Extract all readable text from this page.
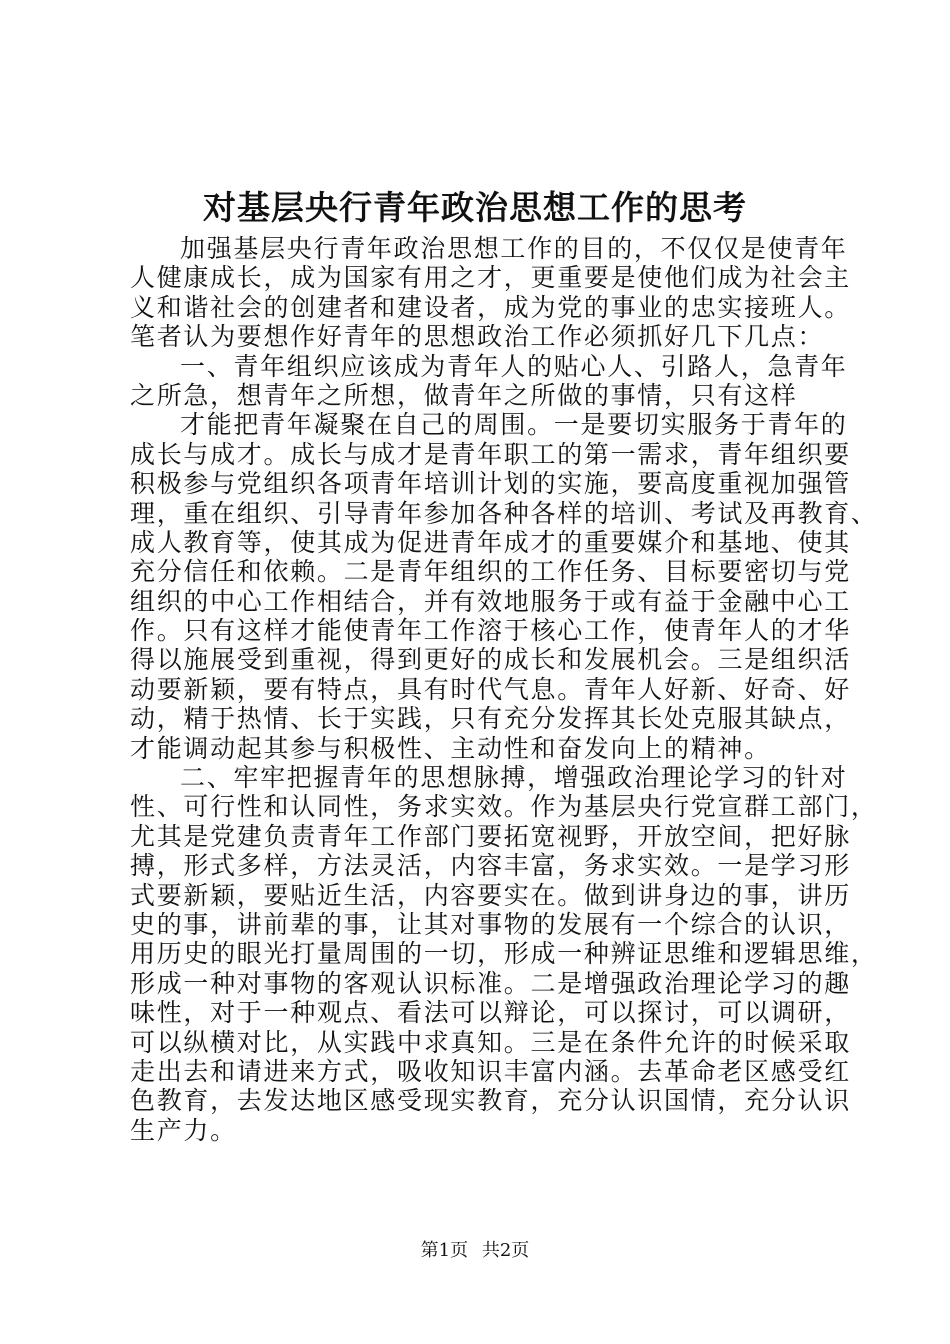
对基层央行青年政治思想工作的思考
加强基层央行青年政治思想工作的目的，不仅仅是使青年
人健康成长，成为国家有用之才，更重要是使他们成为社会主
义和谐社会的创建者和建设者，成为党的事业的忠实接班人。
笔者认为要想作好青年的思想政治工作必须抓好几下几点：
一、青年组织应该成为青年人的贴心人、引路人，急青年
之所急，想青年之所想，做青年之所做的事情，只有这样
才能把青年凝聚在自己的周围。一是要切实服务于青年的
成长与成才。成长与成才是青年职工的第一需求，青年组织要
积极参与党组织各项青年培训计划的实施，要高度重视加强管
理，重在组织、引导青年参加各种各样的培训、考试及再教育、
成人教育等，使其成为促进青年成才的重要媒介和基地、使其
充分信任和依赖。二是青年组织的工作任务、目标要密切与党
组织的中心工作相结合，并有效地服务于或有益于金融中心工
作。只有这样才能使青年工作溶于核心工作，使青年人的才华
得以施展受到重视，得到更好的成长和发展机会。三是组织活
动要新颖，要有特点，具有时代气息。青年人好新、好奇、好
动，精于热情、长于实践，只有充分发挥其长处克服其缺点，
才能调动起其参与积极性、主动性和奋发向上的精神。
二、牢牢把握青年的思想脉搏，增强政治理论学习的针对
性、可行性和认同性，务求实效。作为基层央行党宣群工部门，
尤其是党建负责青年工作部门要拓宽视野，开放空间，把好脉
搏，形式多样，方法灵活，内容丰富，务求实效。一是学习形
式要新颖，要贴近生活，内容要实在。做到讲身边的事，讲历
史的事，讲前辈的事，让其对事物的发展有一个综合的认识，
用历史的眼光打量周围的一切，形成一种辨证思维和逻辑思维，
形成一种对事物的客观认识标准。二是增强政治理论学习的趣
味性，对于一种观点、看法可以辩论，可以探讨，可以调研，
可以纵横对比，从实践中求真知。三是在条件允许的时候采取
走出去和请进来方式，吸收知识丰富内涵。去革命老区感受红
色教育，去发达地区感受现实教育，充分认识国情，充分认识
生产力。
第1页 共2页
